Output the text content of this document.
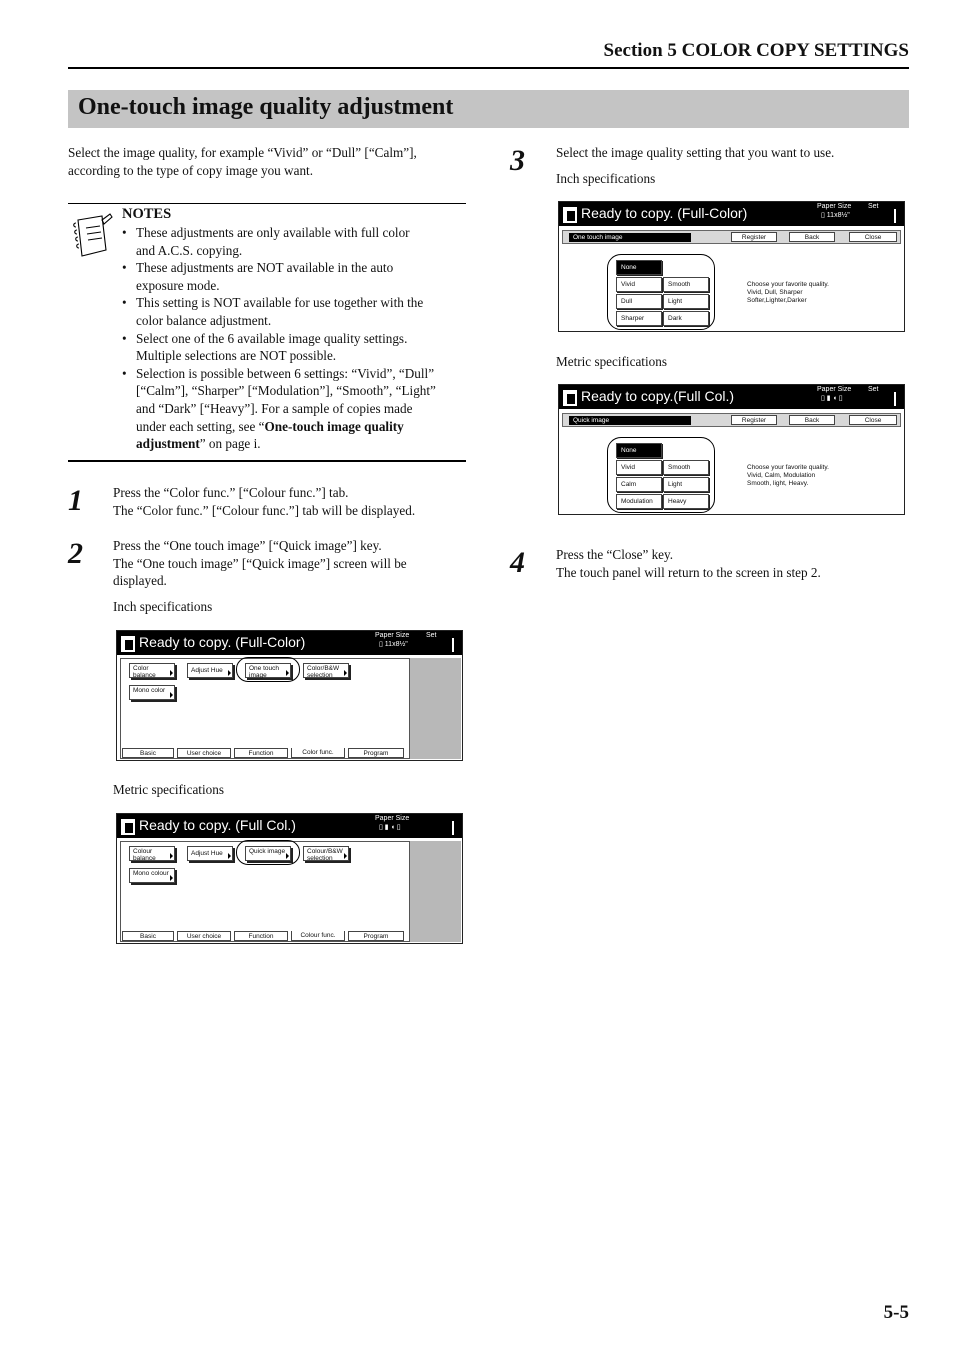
Section 5 COLOR COPY SETTINGS
One-touch image quality adjustment
Select the image quality, for example “Vivid” or “Dull” [“Calm”],
according to the type of copy image you want.
NOTES
• These adjustments are only available with full color
and A.C.S. copying.
• These adjustments are NOT available in the auto
exposure mode.
• This setting is NOT available for use together with the
color balance adjustment.
• Select one of the 6 available image quality settings.
Multiple selections are NOT possible.
• Selection is possible between 6 settings: “Vivid”, “Dull”
[“Calm”], “Sharper” [“Modulation”], “Smooth”, “Light”
and “Dark” [“Heavy”]. For a sample of copies made
under each setting, see “One-touch image quality
adjustment” on page i.
1 Press the “Color func.” [“Colour func.”] tab.
The “Color func.” [“Colour func.”] tab will be displayed.
2 Press the “One touch image” [“Quick image”] key.
The “One touch image” [“Quick image”] screen will be
displayed.
Inch specifications
Ready to copy. (Full-Color)	Paper Size Set
▯ 11x8½"
Color balance
Adjust Hue	One touch image
Color/B&W selection
Mono color
Basic	User choice	Function	Color func.	Program
Metric specifications
Ready to copy. (Full Col.)	Paper Size
▯ ▮ ◖ ▯
Colour balance
Adjust Hue	Quick image	Colour/B&W selection
Mono colour
Basic	User choice	Function	Colour func.	Program
3 Select the image quality setting that you want to use.
Inch specifications
Ready to copy. (Full-Color)	Paper Size Set
▯ 11x8½"
One touch image	Register	Back	Close
None
Vivid	Smooth
Dull	Light
Sharper	Dark
Choose your favorite quality.
Vivid, Dull, Sharper
Softer,Lighter,Darker
Metric specifications
Ready to copy.(Full Col.)	Paper Size Set
▯ ▮ ◖ ▯
Quick image	Register	Back	Close
None
Vivid	Smooth
Calm	Light
Modulation	Heavy
Choose your favorite quality.
Vivid, Calm, Modulation
Smooth, light, Heavy.
4 Press the “Close” key.
The touch panel will return to the screen in step 2.
5-5
